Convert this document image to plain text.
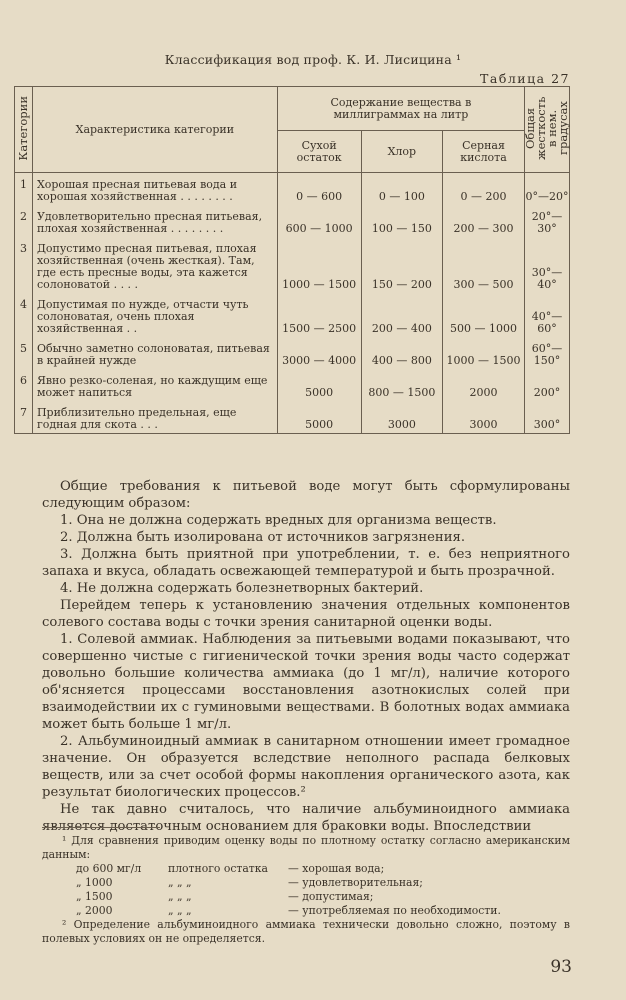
Классификация вод проф. К. И. Лисицина ¹
Таблица 27
Категории	Характеристика категории	Содержание вещества в миллиграммах на литр			Общая жесткость в нем. градусах
		Сухой остаток	Хлор	Серная кислота	
1	Хорошая пресная питьевая вода и хорошая хозяйственная . . . . . . . .	0 — 600	0 — 100	0 — 200	0°—20°
2	Удовлетворительно пресная питьевая, плохая хозяйственная . . . . . . . .	600 — 1000	100 — 150	200 — 300	20°—30°
3	Допустимо пресная питьевая, плохая хозяйственная (очень жесткая). Там, где есть пресные воды, эта кажется солоноватой . . . .	1000 — 1500	150 — 200	300 — 500	30°—40°
4	Допустимая по нужде, отчасти чуть солоноватая, очень плохая хозяйственная . .	1500 — 2500	200 — 400	500 — 1000	40°—60°
5	Обычно заметно солоноватая, питьевая в крайней нужде	3000 — 4000	400 — 800	1000 — 1500	60°—150°
6	Явно резко-соленая, но каждущим еще может напиться	5000	800 — 1500	2000	200°
7	Приблизительно предельная, еще годная для скота . . .	5000	3000	3000	300°

Общие требования к питьевой воде могут быть сформулированы следующим образом:

1. Она не должна содержать вредных для организма веществ.

2. Должна быть изолирована от источников загрязнения.

3. Должна быть приятной при употреблении, т. е. без неприятного запаха и вкуса, обладать освежающей температурой и быть прозрачной.

4. Не должна содержать болезнетворных бактерий.

Перейдем теперь к установлению значения отдельных компонентов солевого состава воды с точки зрения санитарной оценки воды.

1. Солевой аммиак. Наблюдения за питьевыми водами показывают, что совершенно чистые с гигиенической точки зрения воды часто содержат довольно большие количества аммиака (до 1 мг/л), наличие которого об'ясняется процессами восстановления азотнокислых солей при взаимодействии их с гуминовыми веществами. В болотных водах аммиака может быть больше 1 мг/л.

2. Альбуминоидный аммиак в санитарном отношении имеет громадное значение. Он образуется вследствие неполного распада белковых веществ, или за счет особой формы накопления органического азота, как результат биологических процессов.²

Не так давно считалось, что наличие альбуминоидного аммиака является достаточным основанием для браковки воды. Впоследствии

¹ Для сравнения приводим оценку воды по плотному остатку согласно американским данным:

до 600 мг/л	плотного остатка	— хорошая вода;
„ 1000	„ „ „	— удовлетворительная;
„ 1500	„ „ „	— допустимая;
„ 2000	„ „ „	— употребляемая по необходимости.

² Определение альбуминоидного аммиака технически довольно сложно, поэтому в полевых условиях он не определяется.

93
